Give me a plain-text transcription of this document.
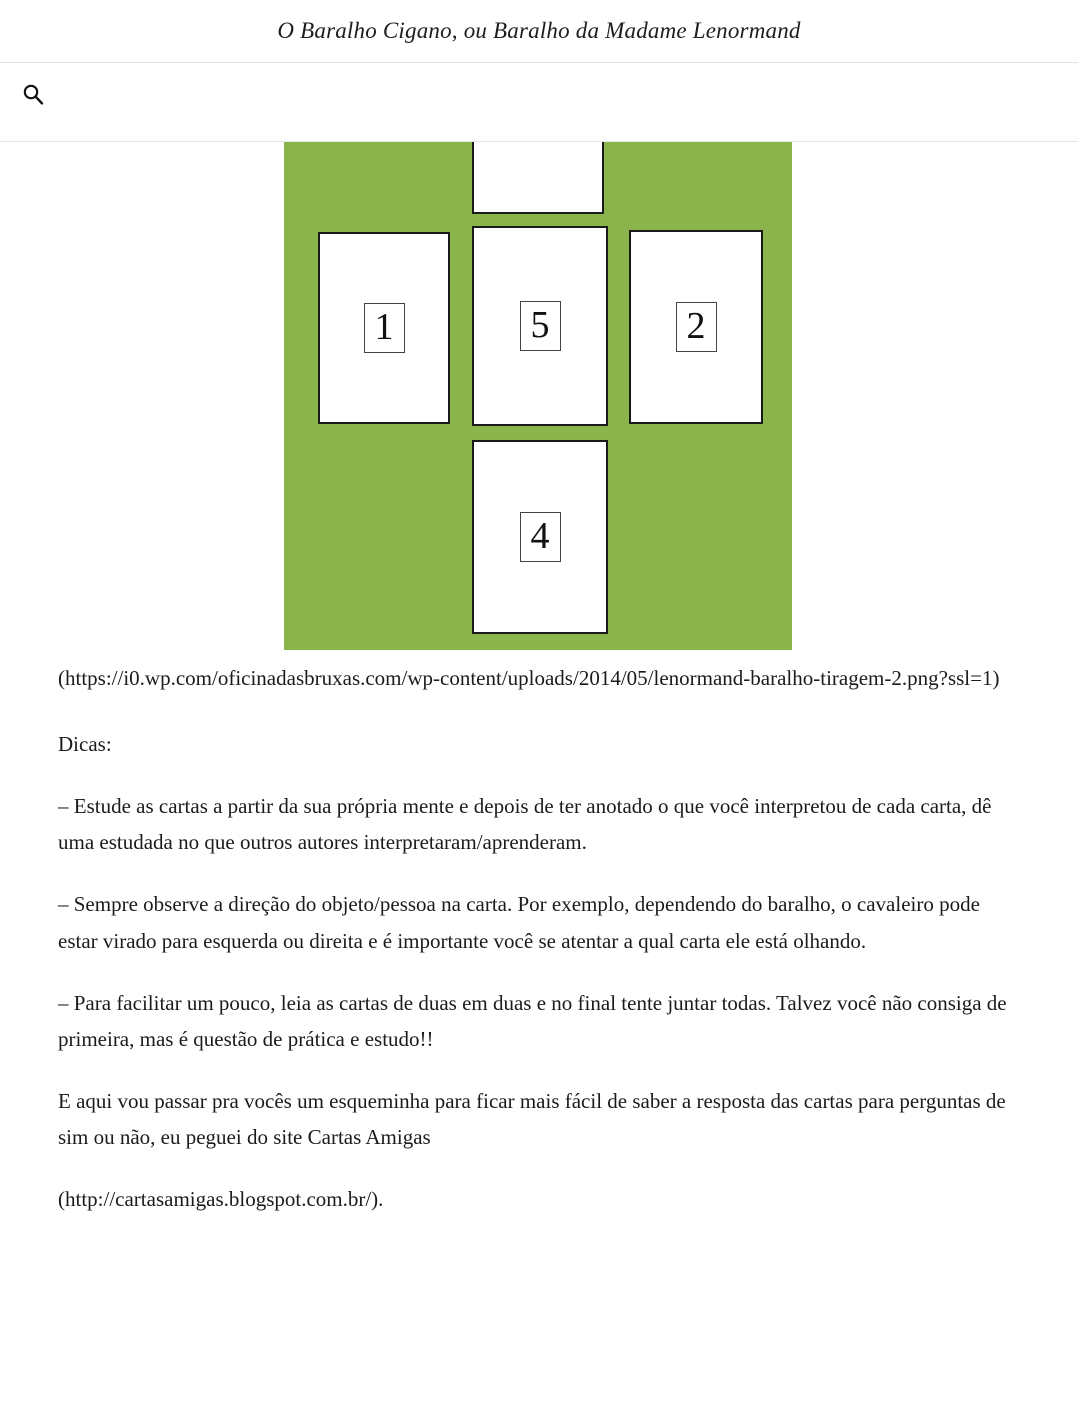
O Baralho Cigano, ou Baralho da Madame Lenormand
1	5	2
4

(https://i0.wp.com/oficinadasbruxas.com/wp-content/uploads/2014/05/lenormand-baralho-tiragem-2.png?ssl=1)

Dicas:

– Estude as cartas a partir da sua própria mente e depois de ter anotado o que você interpretou de cada carta, dê uma estudada no que outros autores interpretaram/aprenderam.

– Sempre observe a direção do objeto/pessoa na carta. Por exemplo, dependendo do baralho, o cavaleiro pode estar virado para esquerda ou direita e é importante você se atentar a qual carta ele está olhando.

– Para facilitar um pouco, leia as cartas de duas em duas e no final tente juntar todas. Talvez você não consiga de primeira, mas é questão de prática e estudo!!

E aqui vou passar pra vocês um esqueminha para ficar mais fácil de saber a resposta das cartas para perguntas de sim ou não, eu peguei do site Cartas Amigas

(http://cartasamigas.blogspot.com.br/).
